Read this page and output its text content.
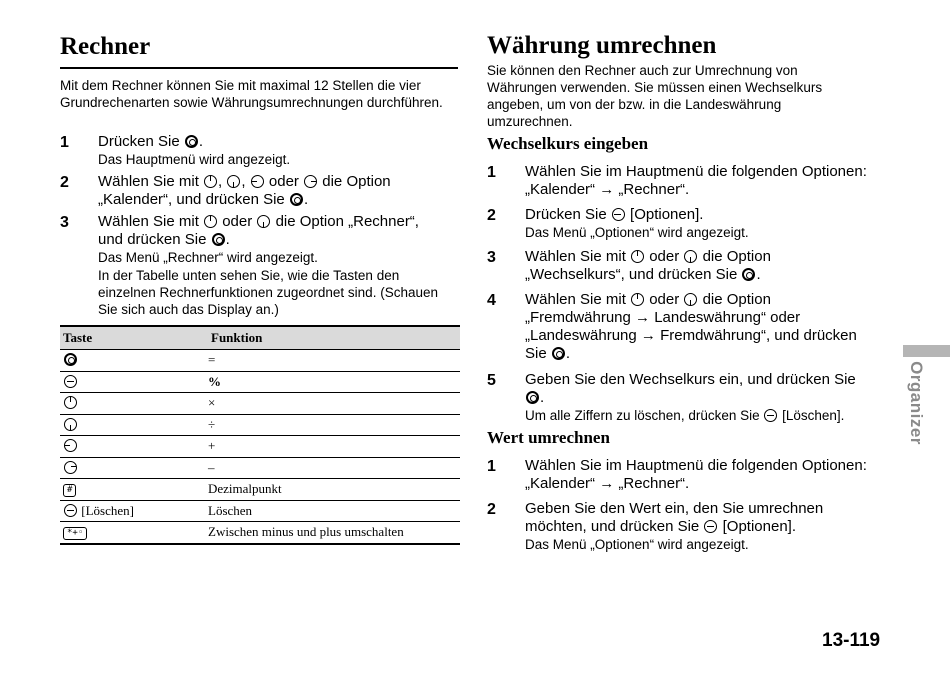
Rechner
Mit dem Rechner können Sie mit maximal 12 Stellen die vier Grundrechenarten sowie Währungsumrechnungen durchführen.
1 Drücken Sie .
Das Hauptmenü wird angezeigt.
2 Wählen Sie mit , ,  oder  die Option
„Kalender“, und drücken Sie .
3 Wählen Sie mit  oder  die Option „Rechner“,
und drücken Sie .
Das Menü „Rechner“ wird angezeigt.

In der Tabelle unten sehen Sie, wie die Tasten den einzelnen Rechnerfunktionen zugeordnet sind. (Schauen Sie sich auch das Display an.)
Taste	Funktion
	=
	%
	×
	÷
	+
	–
#	Dezimalpunkt
[Löschen]	Löschen
*+◦	Zwischen minus und plus umschalten
Währung umrechnen
Sie können den Rechner auch zur Umrechnung von Währungen verwenden. Sie müssen einen Wechselkurs angeben, um von der bzw. in die Landeswährung umzurechnen.
Wechselkurs eingeben
1 Wählen Sie im Hauptmenü die folgenden Optionen:
„Kalender“ → „Rechner“.
2 Drücken Sie  [Optionen].
Das Menü „Optionen“ wird angezeigt.
3 Wählen Sie mit  oder  die Option
„Wechselkurs“, und drücken Sie .
4 Wählen Sie mit  oder  die Option
„Fremdwährung → Landeswährung“ oder
„Landeswährung → Fremdwährung“, und drücken
Sie .
5 Geben Sie den Wechselkurs ein, und drücken Sie
.
Um alle Ziffern zu löschen, drücken Sie  [Löschen].
Wert umrechnen
1 Wählen Sie im Hauptmenü die folgenden Optionen:
„Kalender“ → „Rechner“.
2 Geben Sie den Wert ein, den Sie umrechnen
möchten, und drücken Sie  [Optionen].
Das Menü „Optionen“ wird angezeigt.
Organizer
13-119
